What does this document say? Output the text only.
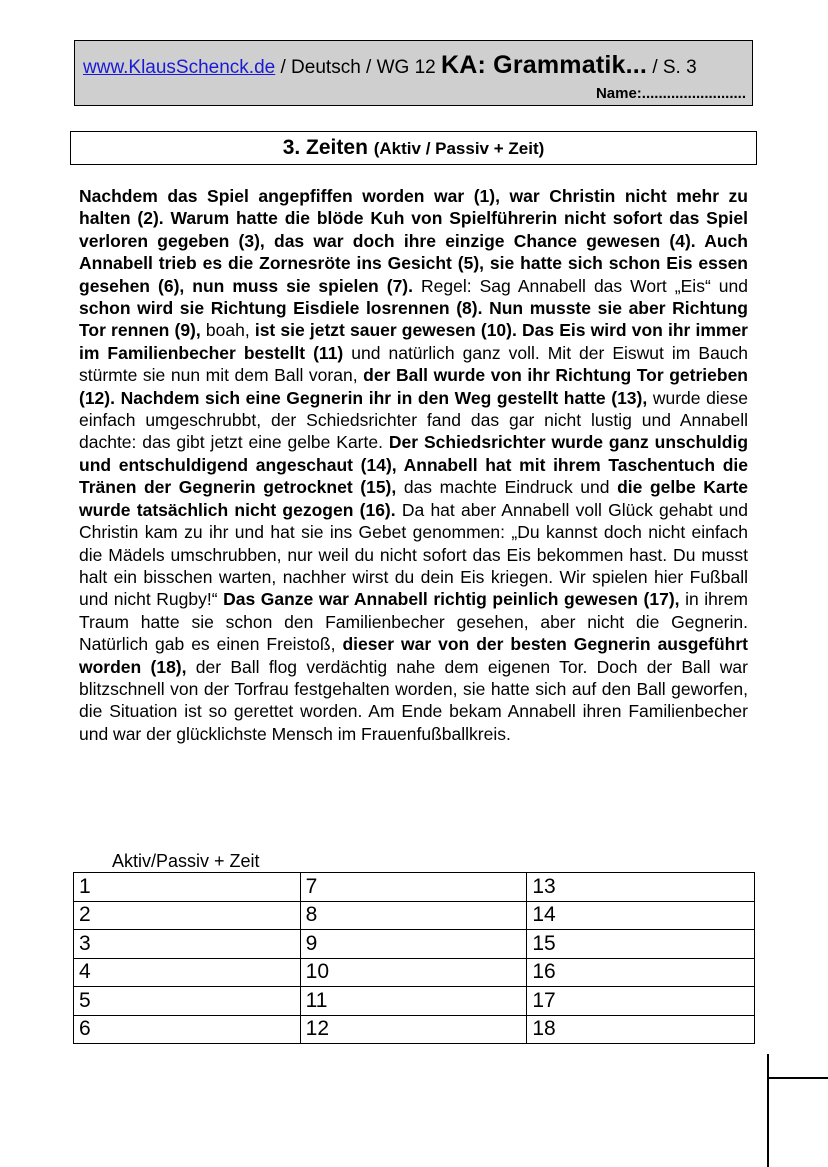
www.KlausSchenck.de / Deutsch / WG 12 KA: Grammatik... / S. 3
Name:.........................
3. Zeiten (Aktiv / Passiv + Zeit)
Nachdem das Spiel angepfiffen worden war (1), war Christin nicht mehr zu halten (2). Warum hatte die blöde Kuh von Spielführerin nicht sofort das Spiel verloren gegeben (3), das war doch ihre einzige Chance gewesen (4). Auch Annabell trieb es die Zornesröte ins Gesicht (5), sie hatte sich schon Eis essen gesehen (6), nun muss sie spielen (7). Regel: Sag Annabell das Wort „Eis“ und schon wird sie Richtung Eisdiele losrennen (8). Nun musste sie aber Richtung Tor rennen (9), boah, ist sie jetzt sauer gewesen (10). Das Eis wird von ihr immer im Familienbecher bestellt (11) und natürlich ganz voll. Mit der Eiswut im Bauch stürmte sie nun mit dem Ball voran, der Ball wurde von ihr Richtung Tor getrieben (12). Nachdem sich eine Gegnerin ihr in den Weg gestellt hatte (13), wurde diese einfach umgeschrubbt, der Schiedsrichter fand das gar nicht lustig und Annabell dachte: das gibt jetzt eine gelbe Karte. Der Schiedsrichter wurde ganz unschuldig und entschuldigend angeschaut (14), Annabell hat mit ihrem Taschentuch die Tränen der Gegnerin getrocknet (15), das machte Eindruck und die gelbe Karte wurde tatsächlich nicht gezogen (16). Da hat aber Annabell voll Glück gehabt und Christin kam zu ihr und hat sie ins Gebet genommen: „Du kannst doch nicht einfach die Mädels umschrubben, nur weil du nicht sofort das Eis bekommen hast. Du musst halt ein bisschen warten, nachher wirst du dein Eis kriegen. Wir spielen hier Fußball und nicht Rugby!“ Das Ganze war Annabell richtig peinlich gewesen (17), in ihrem Traum hatte sie schon den Familienbecher gesehen, aber nicht die Gegnerin. Natürlich gab es einen Freistoß, dieser war von der besten Gegnerin ausgeführt worden (18), der Ball flog verdächtig nahe dem eigenen Tor. Doch der Ball war blitzschnell von der Torfrau festgehalten worden, sie hatte sich auf den Ball geworfen, die Situation ist so gerettet worden. Am Ende bekam Annabell ihren Familienbecher und war der glücklichste Mensch im Frauenfußballkreis.
Aktiv/Passiv + Zeit
1	7	13
2	8	14
3	9	15
4	10	16
5	11	17
6	12	18
